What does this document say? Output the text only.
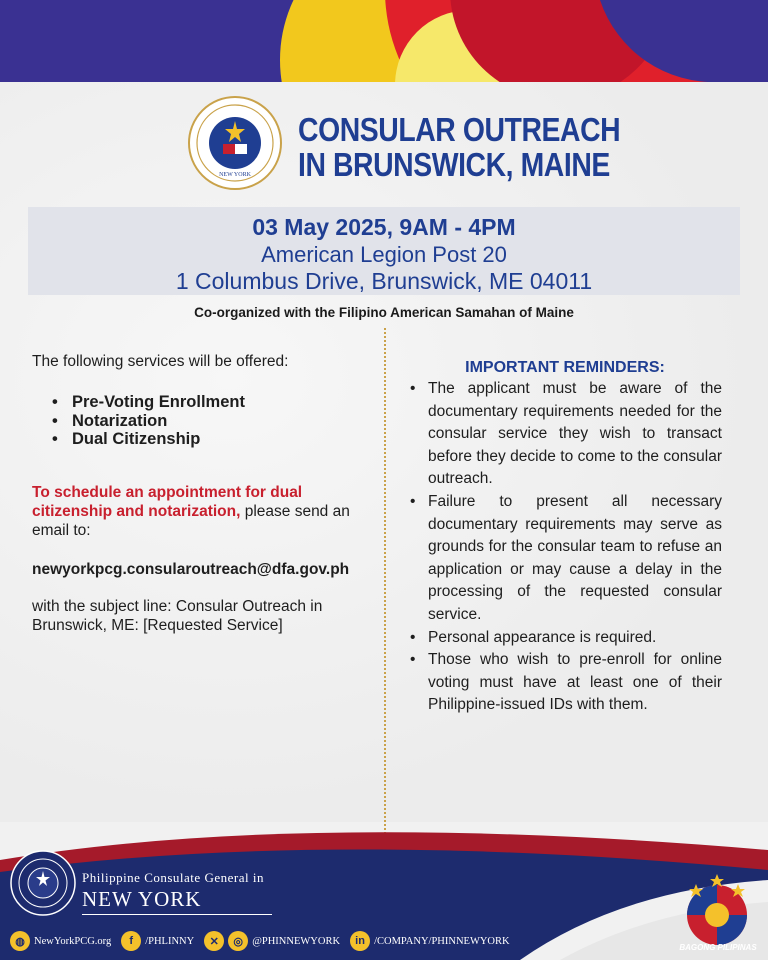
NEW YORK
CONSULAR OUTREACH
IN BRUNSWICK, MAINE
03 May 2025, 9AM - 4PM
American Legion Post 20
1 Columbus Drive, Brunswick, ME 04011
Co-organized with the Filipino American Samahan of Maine
The following services will be offered:
• Pre-Voting Enrollment
• Notarization
• Dual Citizenship
To schedule an appointment for dual citizenship and notarization, please send an email to:
newyorkpcg.consularoutreach@dfa.gov.ph
with the subject line: Consular Outreach in Brunswick, ME: [Requested Service]
IMPORTANT REMINDERS:
• The applicant must be aware of the documentary requirements needed for the consular service they wish to transact before they decide to come to the consular outreach.
• Failure to present all necessary documentary requirements may serve as grounds for the consular team to refuse an application or may cause a delay in the processing of the requested consular service.
• Personal appearance is required.
• Those who wish to pre-enroll for online voting must have at least one of their Philippine-issued IDs with them.
Philippine Consulate General in
NEW YORK
◍ NewYorkPCG.org	f	/PHLINNY	✕	◎ @PHINNEWYORK	in /COMPANY/PHINNEWYORK
BAGONG PILIPINAS
